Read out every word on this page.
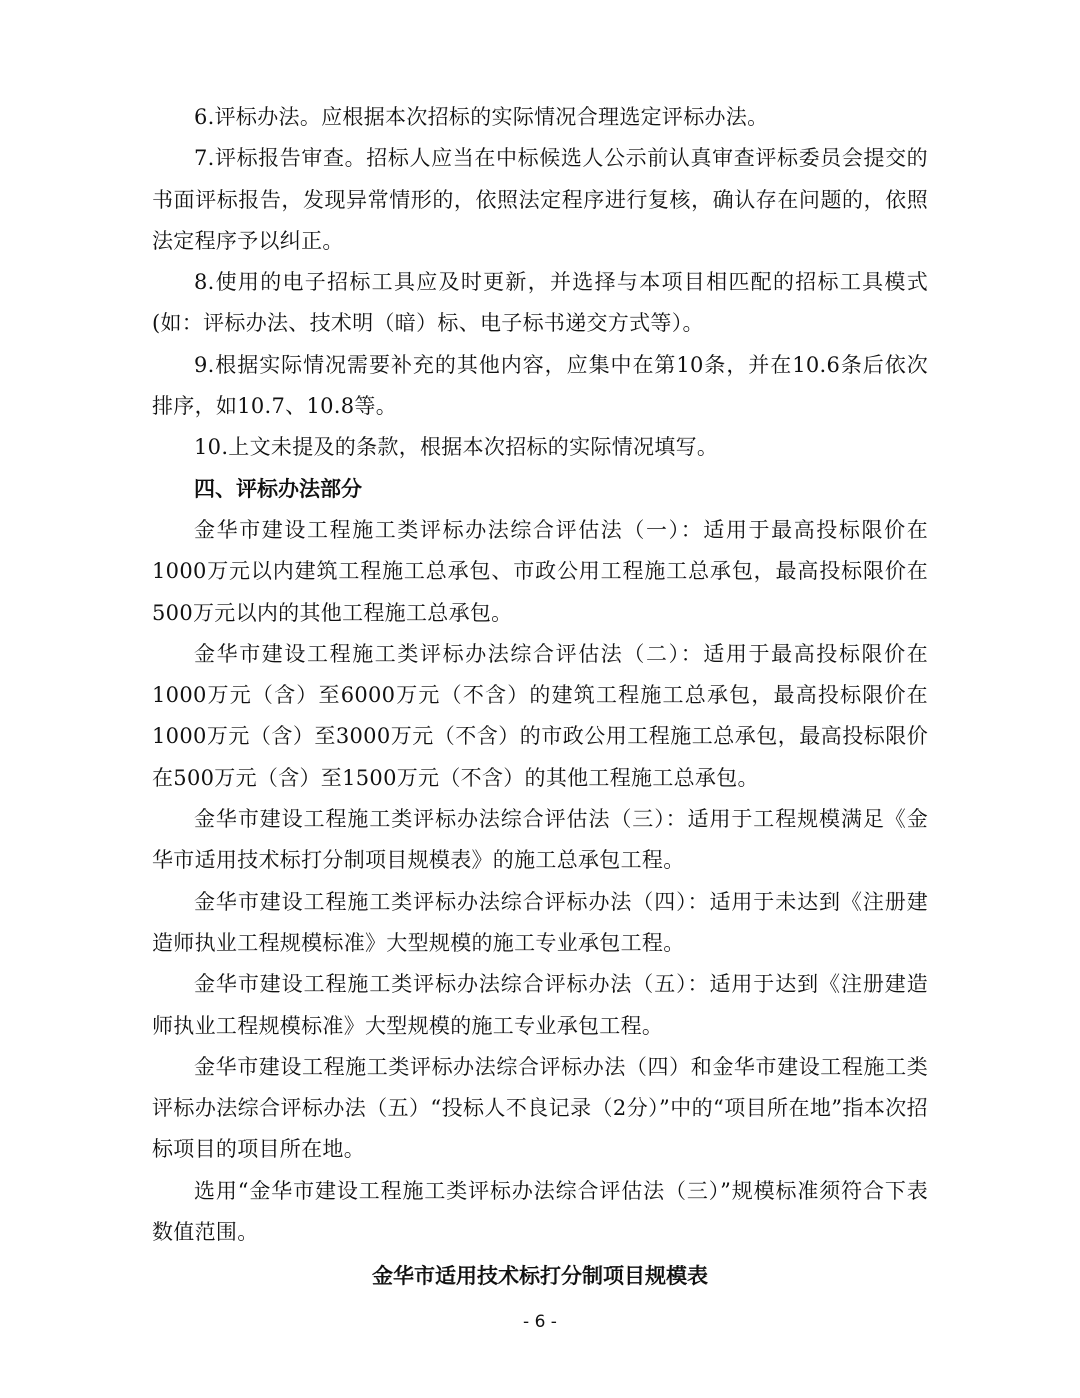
6.评标办法。应根据本次招标的实际情况合理选定评标办法。

7.评标报告审查。招标人应当在中标候选人公示前认真审查评标委员会提交的书面评标报告，发现异常情形的，依照法定程序进行复核，确认存在问题的，依照法定程序予以纠正。

8.使用的电子招标工具应及时更新，并选择与本项目相匹配的招标工具模式(如：评标办法、技术明（暗）标、电子标书递交方式等）。

9.根据实际情况需要补充的其他内容，应集中在第10条，并在10.6条后依次排序，如10.7、10.8等。

10.上文未提及的条款，根据本次招标的实际情况填写。

四、评标办法部分

金华市建设工程施工类评标办法综合评估法（一）：适用于最高投标限价在1000万元以内建筑工程施工总承包、市政公用工程施工总承包，最高投标限价在500万元以内的其他工程施工总承包。

金华市建设工程施工类评标办法综合评估法（二）：适用于最高投标限价在1000万元（含）至6000万元（不含）的建筑工程施工总承包，最高投标限价在1000万元（含）至3000万元（不含）的市政公用工程施工总承包，最高投标限价在500万元（含）至1500万元（不含）的其他工程施工总承包。

金华市建设工程施工类评标办法综合评估法（三）：适用于工程规模满足《金华市适用技术标打分制项目规模表》的施工总承包工程。

金华市建设工程施工类评标办法综合评标办法（四）：适用于未达到《注册建造师执业工程规模标准》大型规模的施工专业承包工程。

金华市建设工程施工类评标办法综合评标办法（五）：适用于达到《注册建造师执业工程规模标准》大型规模的施工专业承包工程。

金华市建设工程施工类评标办法综合评标办法（四）和金华市建设工程施工类评标办法综合评标办法（五）“投标人不良记录（2分）”中的“项目所在地”指本次招标项目的项目所在地。

选用“金华市建设工程施工类评标办法综合评估法（三）”规模标准须符合下表数值范围。

金华市适用技术标打分制项目规模表
- 6 -
